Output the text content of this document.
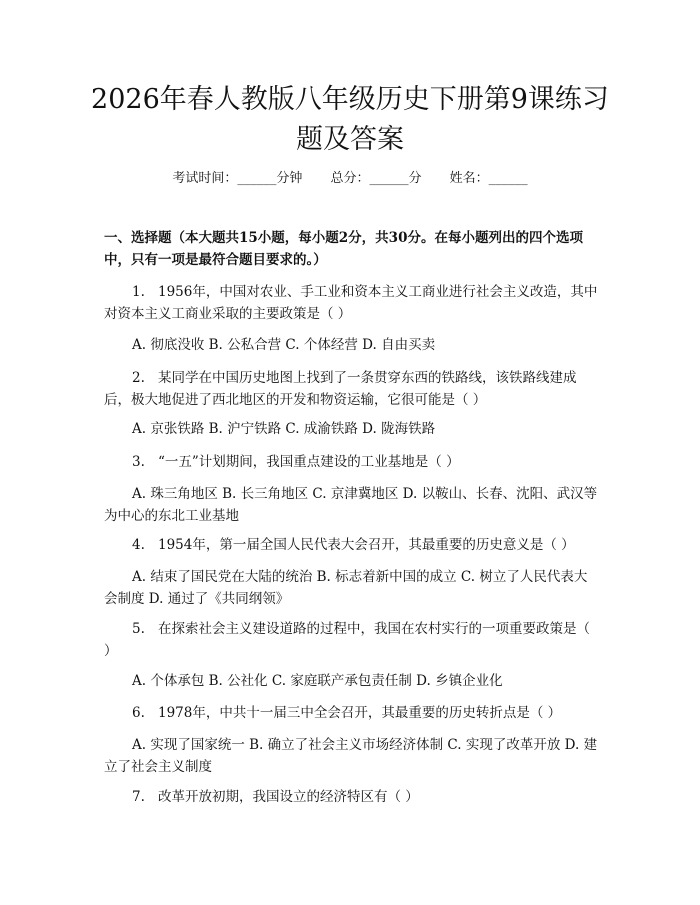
2026年春人教版八年级历史下册第9课练习题及答案
考试时间：______分钟 总分：______分 姓名：______

一、选择题（本大题共15小题，每小题2分，共30分。在每小题列出的四个选项中，只有一项是最符合题目要求的。）

1. 1956年，中国对农业、手工业和资本主义工商业进行社会主义改造，其中对资本主义工商业采取的主要政策是（ ）

A. 彻底没收 B. 公私合营 C. 个体经营 D. 自由买卖

2. 某同学在中国历史地图上找到了一条贯穿东西的铁路线，该铁路线建成后，极大地促进了西北地区的开发和物资运输，它很可能是（ ）

A. 京张铁路 B. 沪宁铁路 C. 成渝铁路 D. 陇海铁路

3. “一五”计划期间，我国重点建设的工业基地是（ ）

A. 珠三角地区 B. 长三角地区 C. 京津冀地区 D. 以鞍山、长春、沈阳、武汉等为中心的东北工业基地

4. 1954年，第一届全国人民代表大会召开，其最重要的历史意义是（ ）

A. 结束了国民党在大陆的统治 B. 标志着新中国的成立 C. 树立了人民代表大会制度 D. 通过了《共同纲领》

5. 在探索社会主义建设道路的过程中，我国在农村实行的一项重要政策是（ ）

A. 个体承包 B. 公社化 C. 家庭联产承包责任制 D. 乡镇企业化

6. 1978年，中共十一届三中全会召开，其最重要的历史转折点是（ ）

A. 实现了国家统一 B. 确立了社会主义市场经济体制 C. 实现了改革开放 D. 建立了社会主义制度

7. 改革开放初期，我国设立的经济特区有（ ）
